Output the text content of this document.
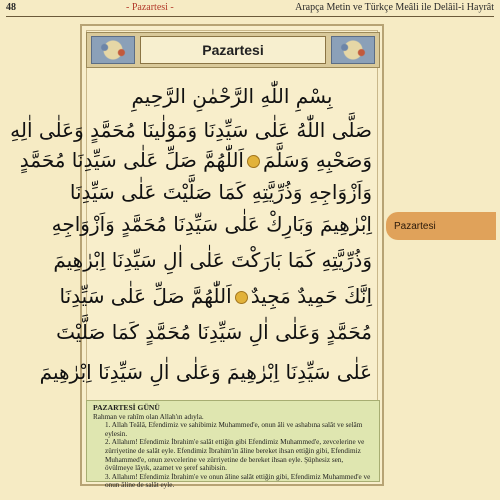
48	- Pazartesi -	Arapça Metin ve Türkçe Meâli ile Delâil-i Hayrât
Pazartesi
بِسْمِ اللّٰهِ الرَّحْمٰنِ الرَّحِيمِ
صَلَّى اللّٰهُ عَلٰى سَيِّدِنَا وَمَوْلٰينَا مُحَمَّدٍ وَعَلٰى اٰلِهِ
وَصَحْبِهِ وَسَلَّمَاَللّٰهُمَّ صَلِّ عَلٰى سَيِّدِنَا مُحَمَّدٍ
وَاَزْوَاجِهِ وَذُرِّيَّتِهِ كَمَا صَلَّيْتَ عَلٰى سَيِّدِنَا
اِبْرٰهِيمَ وَبَارِكْ عَلٰى سَيِّدِنَا مُحَمَّدٍ وَاَزْوَاجِهِ
وَذُرِّيَّتِهِ كَمَا بَارَكْتَ عَلٰى اٰلِ سَيِّدِنَا اِبْرٰهِيمَ
اِنَّكَ حَمِيدٌ مَجِيدٌاَللّٰهُمَّ صَلِّ عَلٰى سَيِّدِنَا
مُحَمَّدٍ وَعَلٰى اٰلِ سَيِّدِنَا مُحَمَّدٍ كَمَا صَلَّيْتَ
عَلٰى سَيِّدِنَا اِبْرٰهِيمَ وَعَلٰى اٰلِ سَيِّدِنَا اِبْرٰهِيمَ
Pazartesi

PAZARTESİ GÜNÜ

Rahman ve rahîm olan Allah'ın adıyla.

1. Allah Teâlâ, Efendimiz ve sahibimiz Muhammed'e, onun âli ve ashabına salât ve selâm eylesin.

2. Allahım! Efendimiz İbrahim'e salât ettiğin gibi Efendimiz Muhammed'e, zevcelerine ve zürriyetine de salât eyle. Efendimiz İbrahim'in âline bereket ihsan ettiğin gibi, Efendimiz Muhammed'e, onun zevcelerine ve zürriyetine de bereket ihsan eyle. Şüphesiz sen, övülmeye lâyık, azamet ve şeref sahibisin.

3. Allahım! Efendimiz İbrahim'e ve onun âline salât ettiğin gibi, Efendimiz Muhammed'e ve onun âline de salât eyle.
